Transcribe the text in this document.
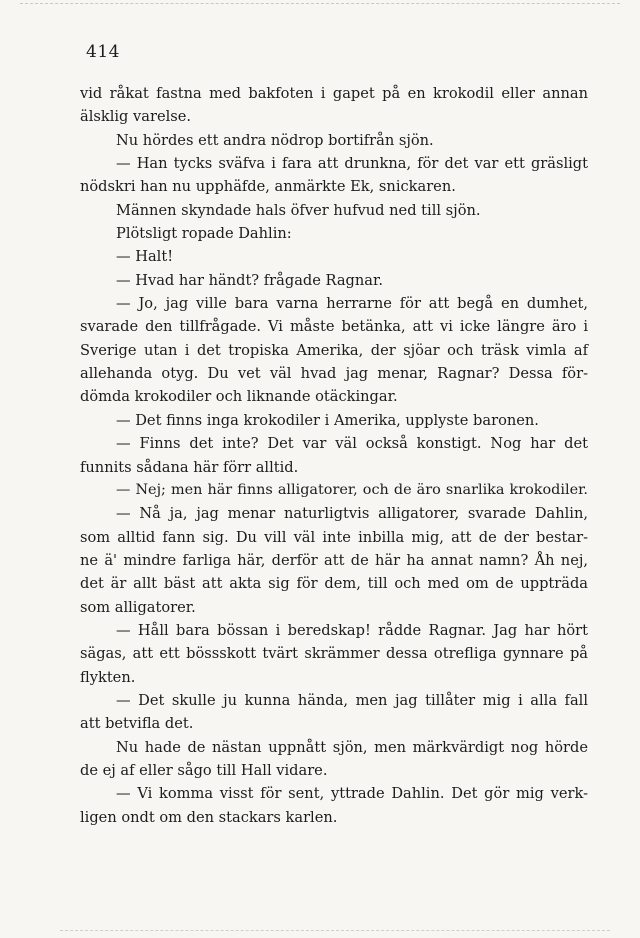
414
vid råkat fastna med bakfoten i gapet på en krokodil eller annan
älsklig varelse.
Nu hördes ett andra nödrop bortifrån sjön.
— Han tycks sväfva i fara att drunkna, för det var ett gräsligt
nödskri han nu upphäfde, anmärkte Ek, snickaren.
Männen skyndade hals öfver hufvud ned till sjön.
Plötsligt ropade Dahlin:
— Halt!
— Hvad har händt? frågade Ragnar.
— Jo, jag ville bara varna herrarne för att begå en dumhet,
svarade den tillfrågade. Vi måste betänka, att vi icke längre äro i
Sverige utan i det tropiska Amerika, der sjöar och träsk vimla af
allehanda otyg. Du vet väl hvad jag menar, Ragnar? Dessa för-
dömda krokodiler och liknande otäckingar.
— Det finns inga krokodiler i Amerika, upplyste baronen.
— Finns det inte? Det var väl också konstigt. Nog har det
funnits sådana här förr alltid.
— Nej; men här finns alligatorer, och de äro snarlika krokodiler.
— Nå ja, jag menar naturligtvis alligatorer, svarade Dahlin,
som alltid fann sig. Du vill väl inte inbilla mig, att de der bestar-
ne ä' mindre farliga här, derför att de här ha annat namn? Åh nej,
det är allt bäst att akta sig för dem, till och med om de uppträda
som alligatorer.
— Håll bara bössan i beredskap! rådde Ragnar. Jag har hört
sägas, att ett bössskott tvärt skrämmer dessa otrefliga gynnare på
flykten.
— Det skulle ju kunna hända, men jag tillåter mig i alla fall
att betvifla det.
Nu hade de nästan uppnått sjön, men märkvärdigt nog hörde
de ej af eller sågo till Hall vidare.
— Vi komma visst för sent, yttrade Dahlin. Det gör mig verk-
ligen ondt om den stackars karlen.
